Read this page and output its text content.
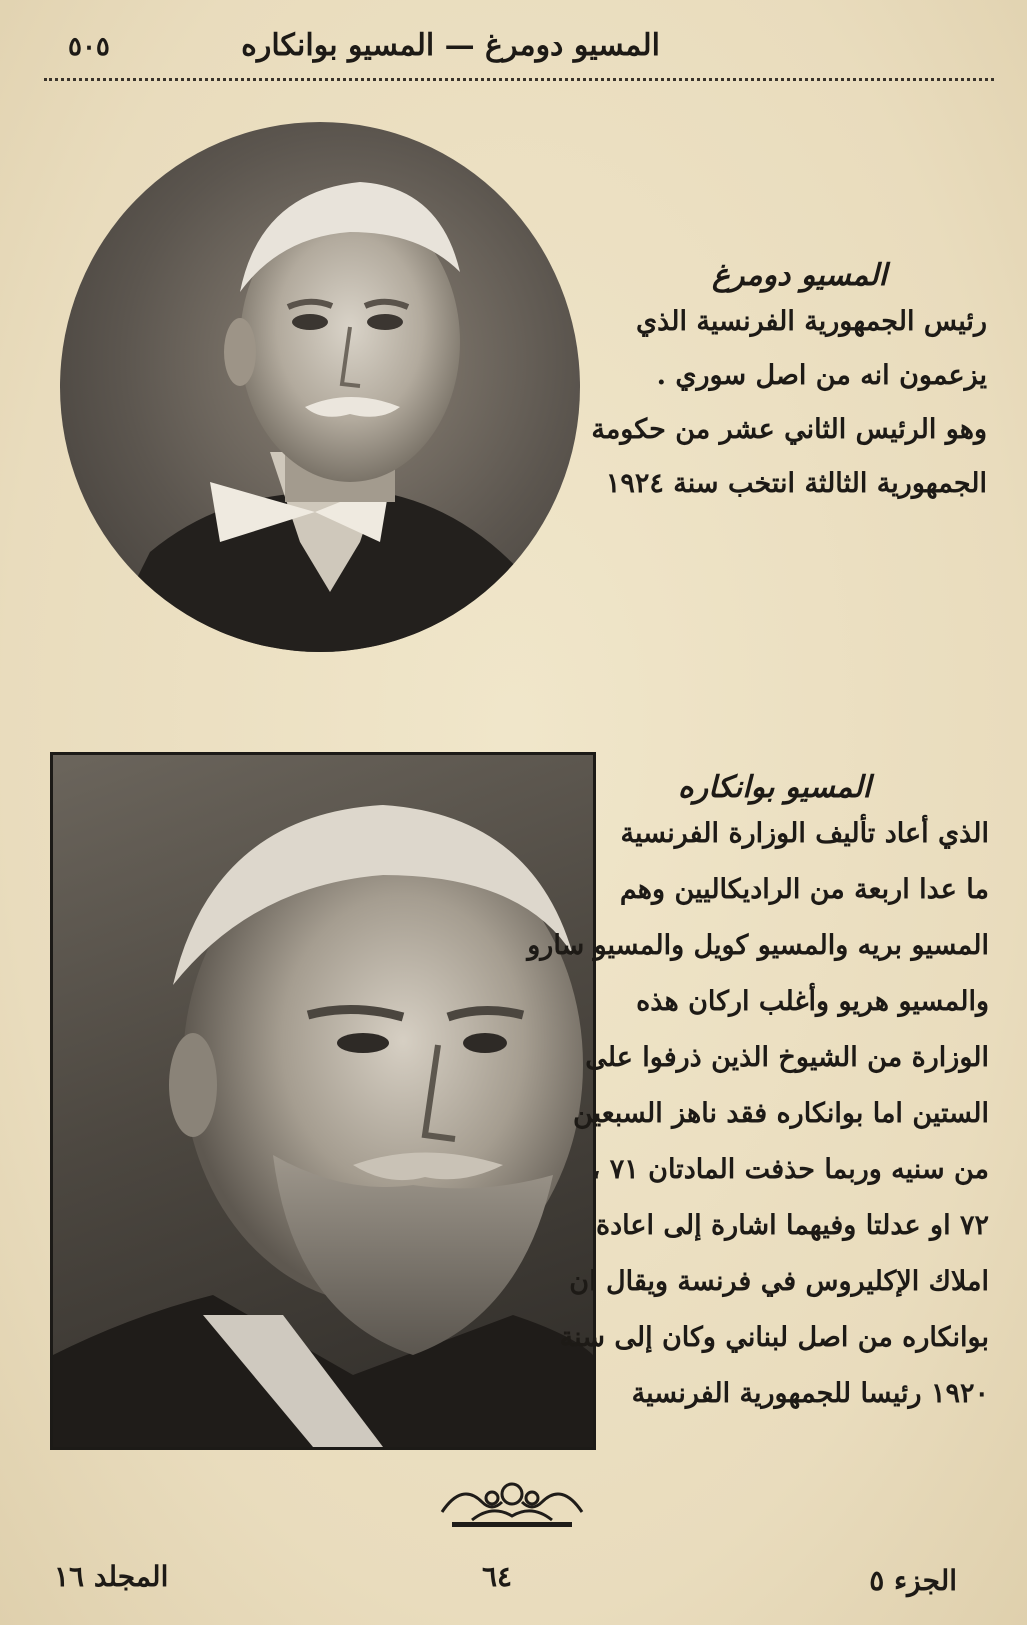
المسيو دومرغ — المسيو بوانكاره
٥٠٥
المسيو دومرغ
رئيس الجمهورية الفرنسية الذي
يزعمون انه من اصل سوري .
وهو الرئيس الثاني عشر من حكومة
الجمهورية الثالثة انتخب سنة ١٩٢٤
المسيو بوانكاره
الذي أعاد تأليف الوزارة الفرنسية
ما عدا اربعة من الراديكاليين وهم
المسيو بريه والمسيو كويل والمسيو سارو
والمسيو هريو وأغلب اركان هذه
الوزارة من الشيوخ الذين ذرفوا على
الستين اما بوانكاره فقد ناهز السبعين
من سنيه وربما حذفت المادتان ٧١ ،
٧٢ او عدلتا وفيهما اشارة إلى اعادة
املاك الإكليروس في فرنسة ويقال ان
بوانكاره من اصل لبناني وكان إلى سنة
١٩٢٠ رئيسا للجمهورية الفرنسية
المجلد ١٦	٦٤	الجزء ٥
